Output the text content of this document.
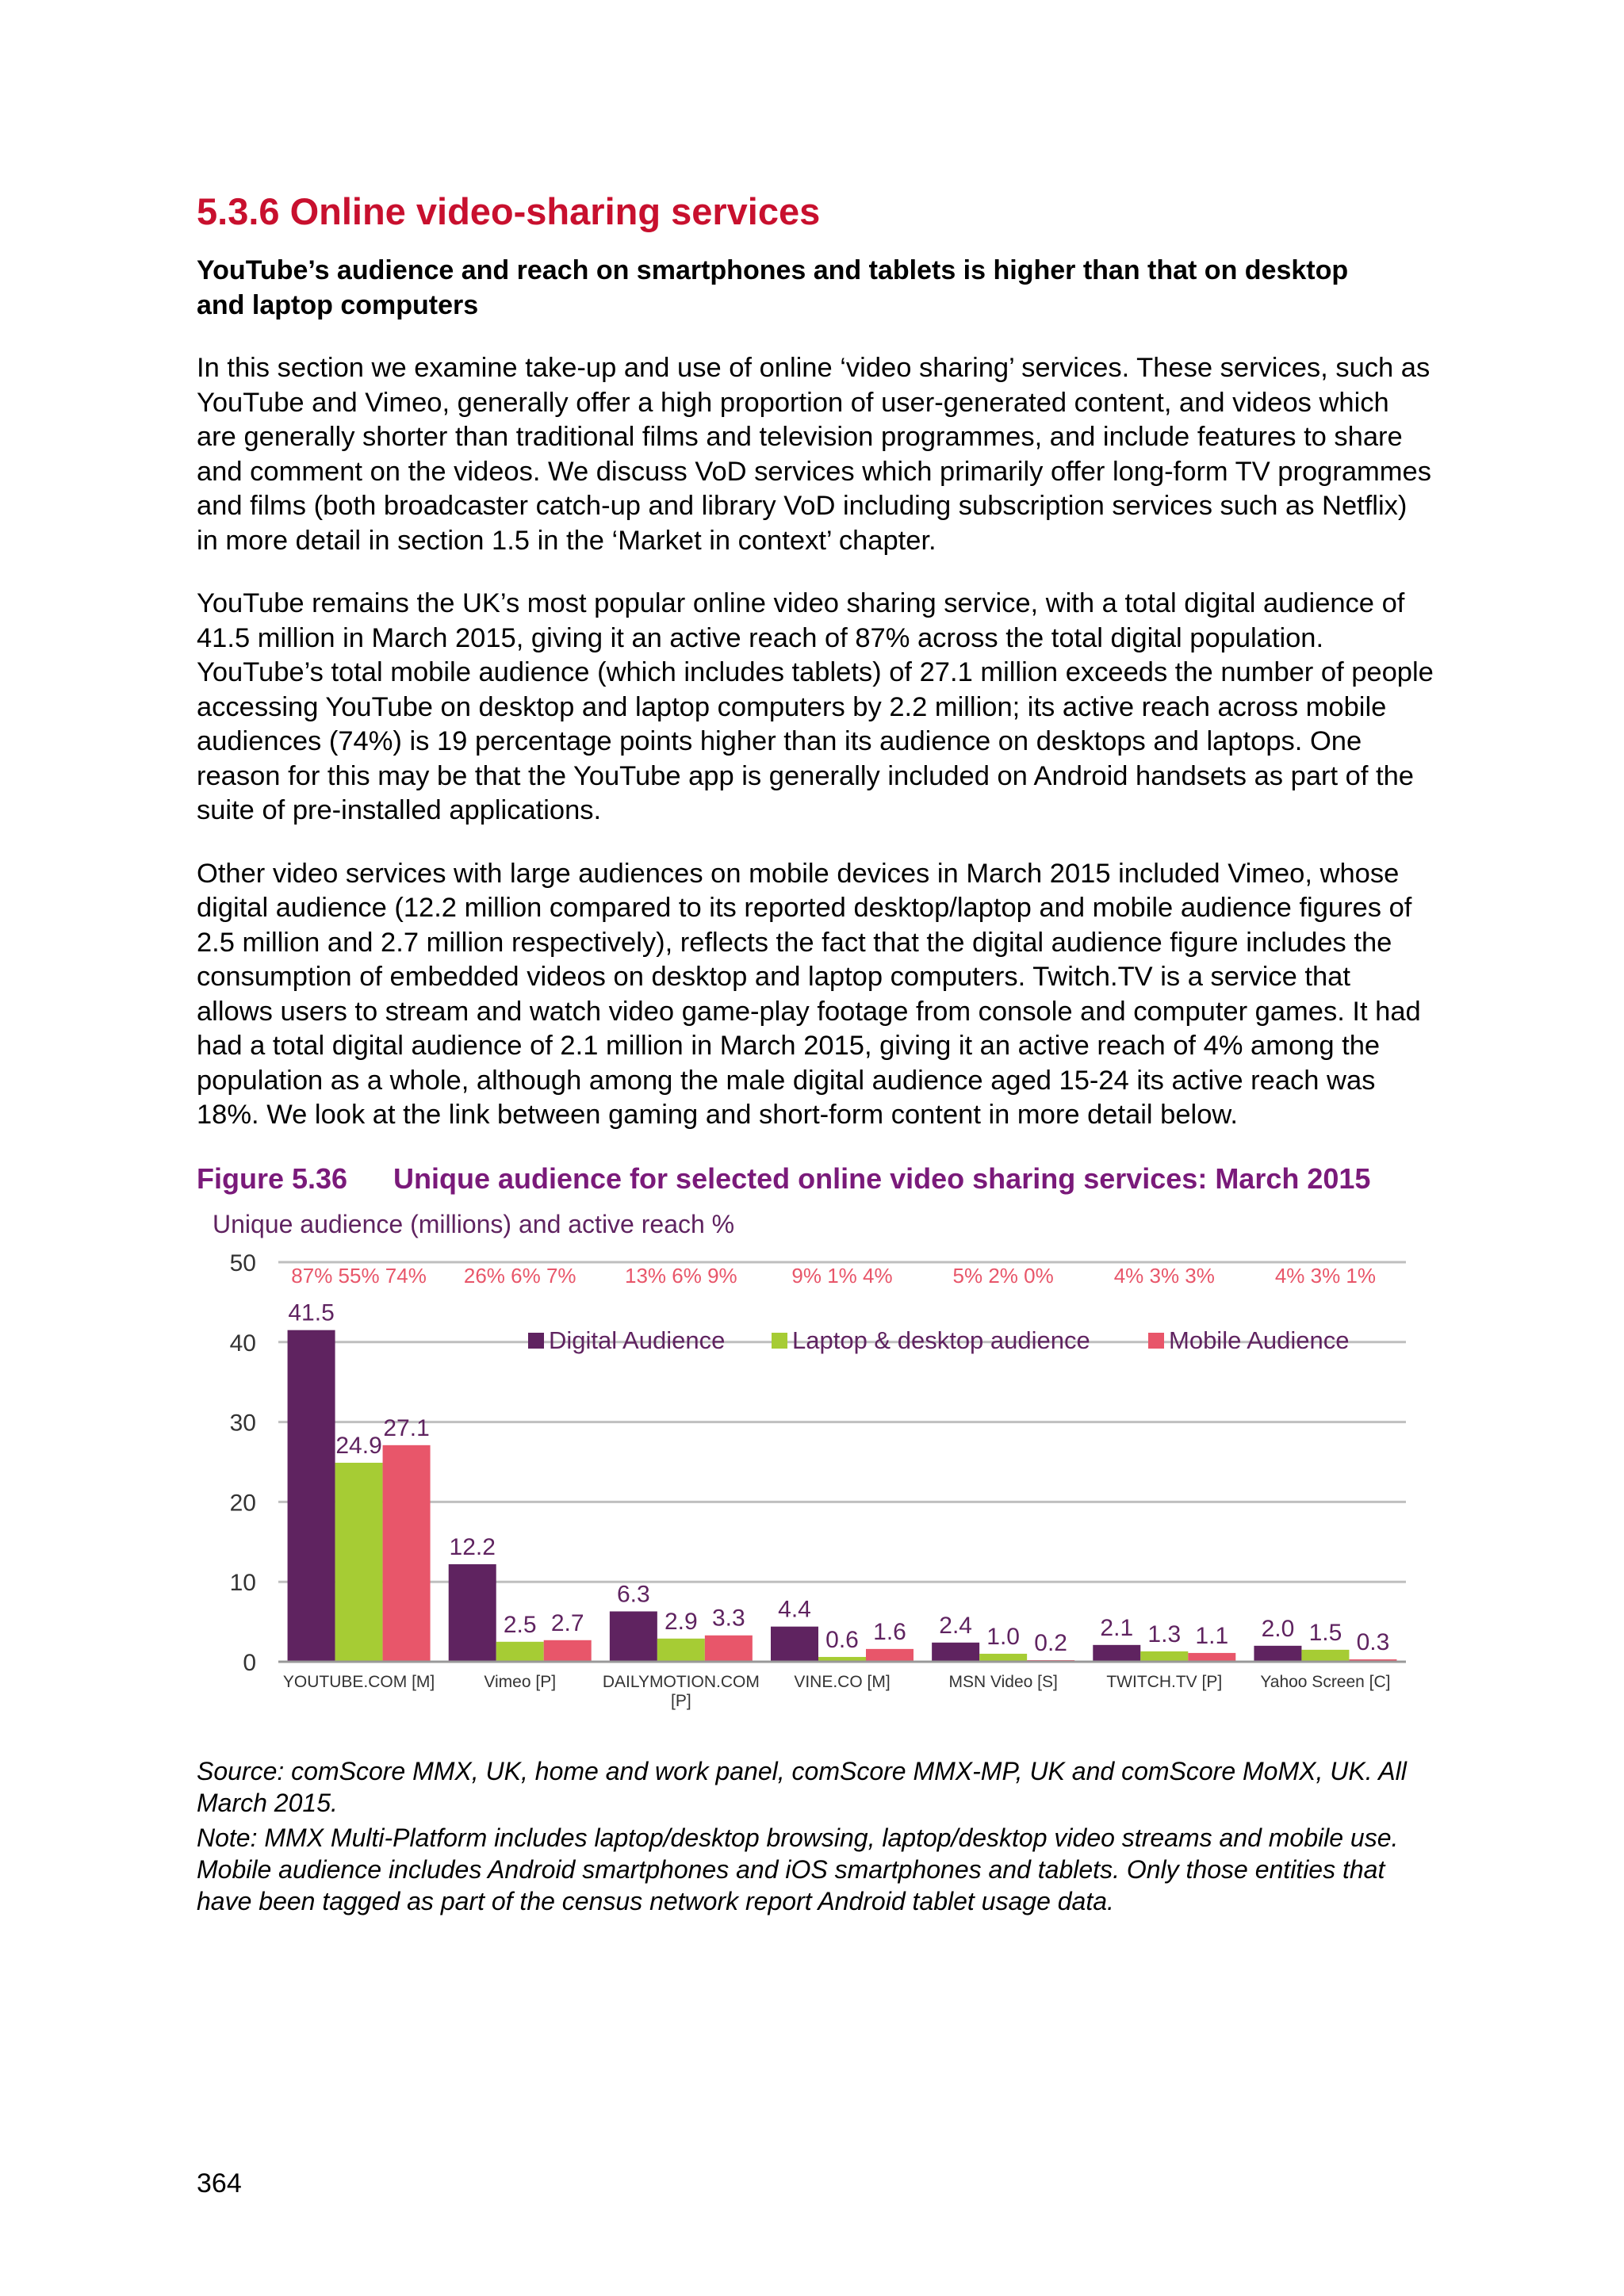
5.3.6 Online video-sharing services
YouTube’s audience and reach on smartphones and tablets is higher than that on desktop and laptop computers

In this section we examine take-up and use of online ‘video sharing’ services. These services, such as YouTube and Vimeo, generally offer a high proportion of user-generated content, and videos which are generally shorter than traditional films and television programmes, and include features to share and comment on the videos. We discuss VoD services which primarily offer long-form TV programmes and films (both broadcaster catch-up and library VoD including subscription services such as Netflix) in more detail in section 1.5 in the ‘Market in context’ chapter.

YouTube remains the UK’s most popular online video sharing service, with a total digital audience of 41.5 million in March 2015, giving it an active reach of 87% across the total digital population. YouTube’s total mobile audience (which includes tablets) of 27.1 million exceeds the number of people accessing YouTube on desktop and laptop computers by 2.2 million; its active reach across mobile audiences (74%) is 19 percentage points higher than its audience on desktops and laptops. One reason for this may be that the YouTube app is generally included on Android handsets as part of the suite of pre-installed applications.

Other video services with large audiences on mobile devices in March 2015 included Vimeo, whose digital audience (12.2 million compared to its reported desktop/laptop and mobile audience figures of 2.5 million and 2.7 million respectively), reflects the fact that the digital audience figure includes the consumption of embedded videos on desktop and laptop computers. Twitch.TV is a service that allows users to stream and watch video game-play footage from console and computer games. It had had a total digital audience of 2.1 million in March 2015, giving it an active reach of 4% among the population as a whole, although among the male digital audience aged 15-24 its active reach was 18%. We look at the link between gaming and short-form content in more detail below.

Figure 5.36	Unique audience for selected online video sharing services: March 2015
Unique audience (millions) and active reach %
0
10
20
30
40
50 87% 55% 74% 26% 6% 7% 13% 6% 9%	9% 1% 4%	5% 2% 0%	4% 3% 3%	4% 3% 1%
41.5
24.9
27.1
YOUTUBE.COM [M]
12.2
2.5 2.7
Vimeo [P]
6.3
2.9 3.3
DAILYMOTION.COM
[P]
4.4
0.6 1.6
VINE.CO [M]
2.4 1.0 0.2
MSN Video [S]
2.1 1.3 1.1
TWITCH.TV [P]
2.0 1.5 0.3
Yahoo Screen [C]
Digital Audience	Laptop & desktop audience	Mobile Audience
Source: comScore MMX, UK, home and work panel, comScore MMX-MP, UK and comScore MoMX, UK. All March 2015.
Note: MMX Multi-Platform includes laptop/desktop browsing, laptop/desktop video streams and mobile use. Mobile audience includes Android smartphones and iOS smartphones and tablets. Only those entities that have been tagged as part of the census network report Android tablet usage data.
364
